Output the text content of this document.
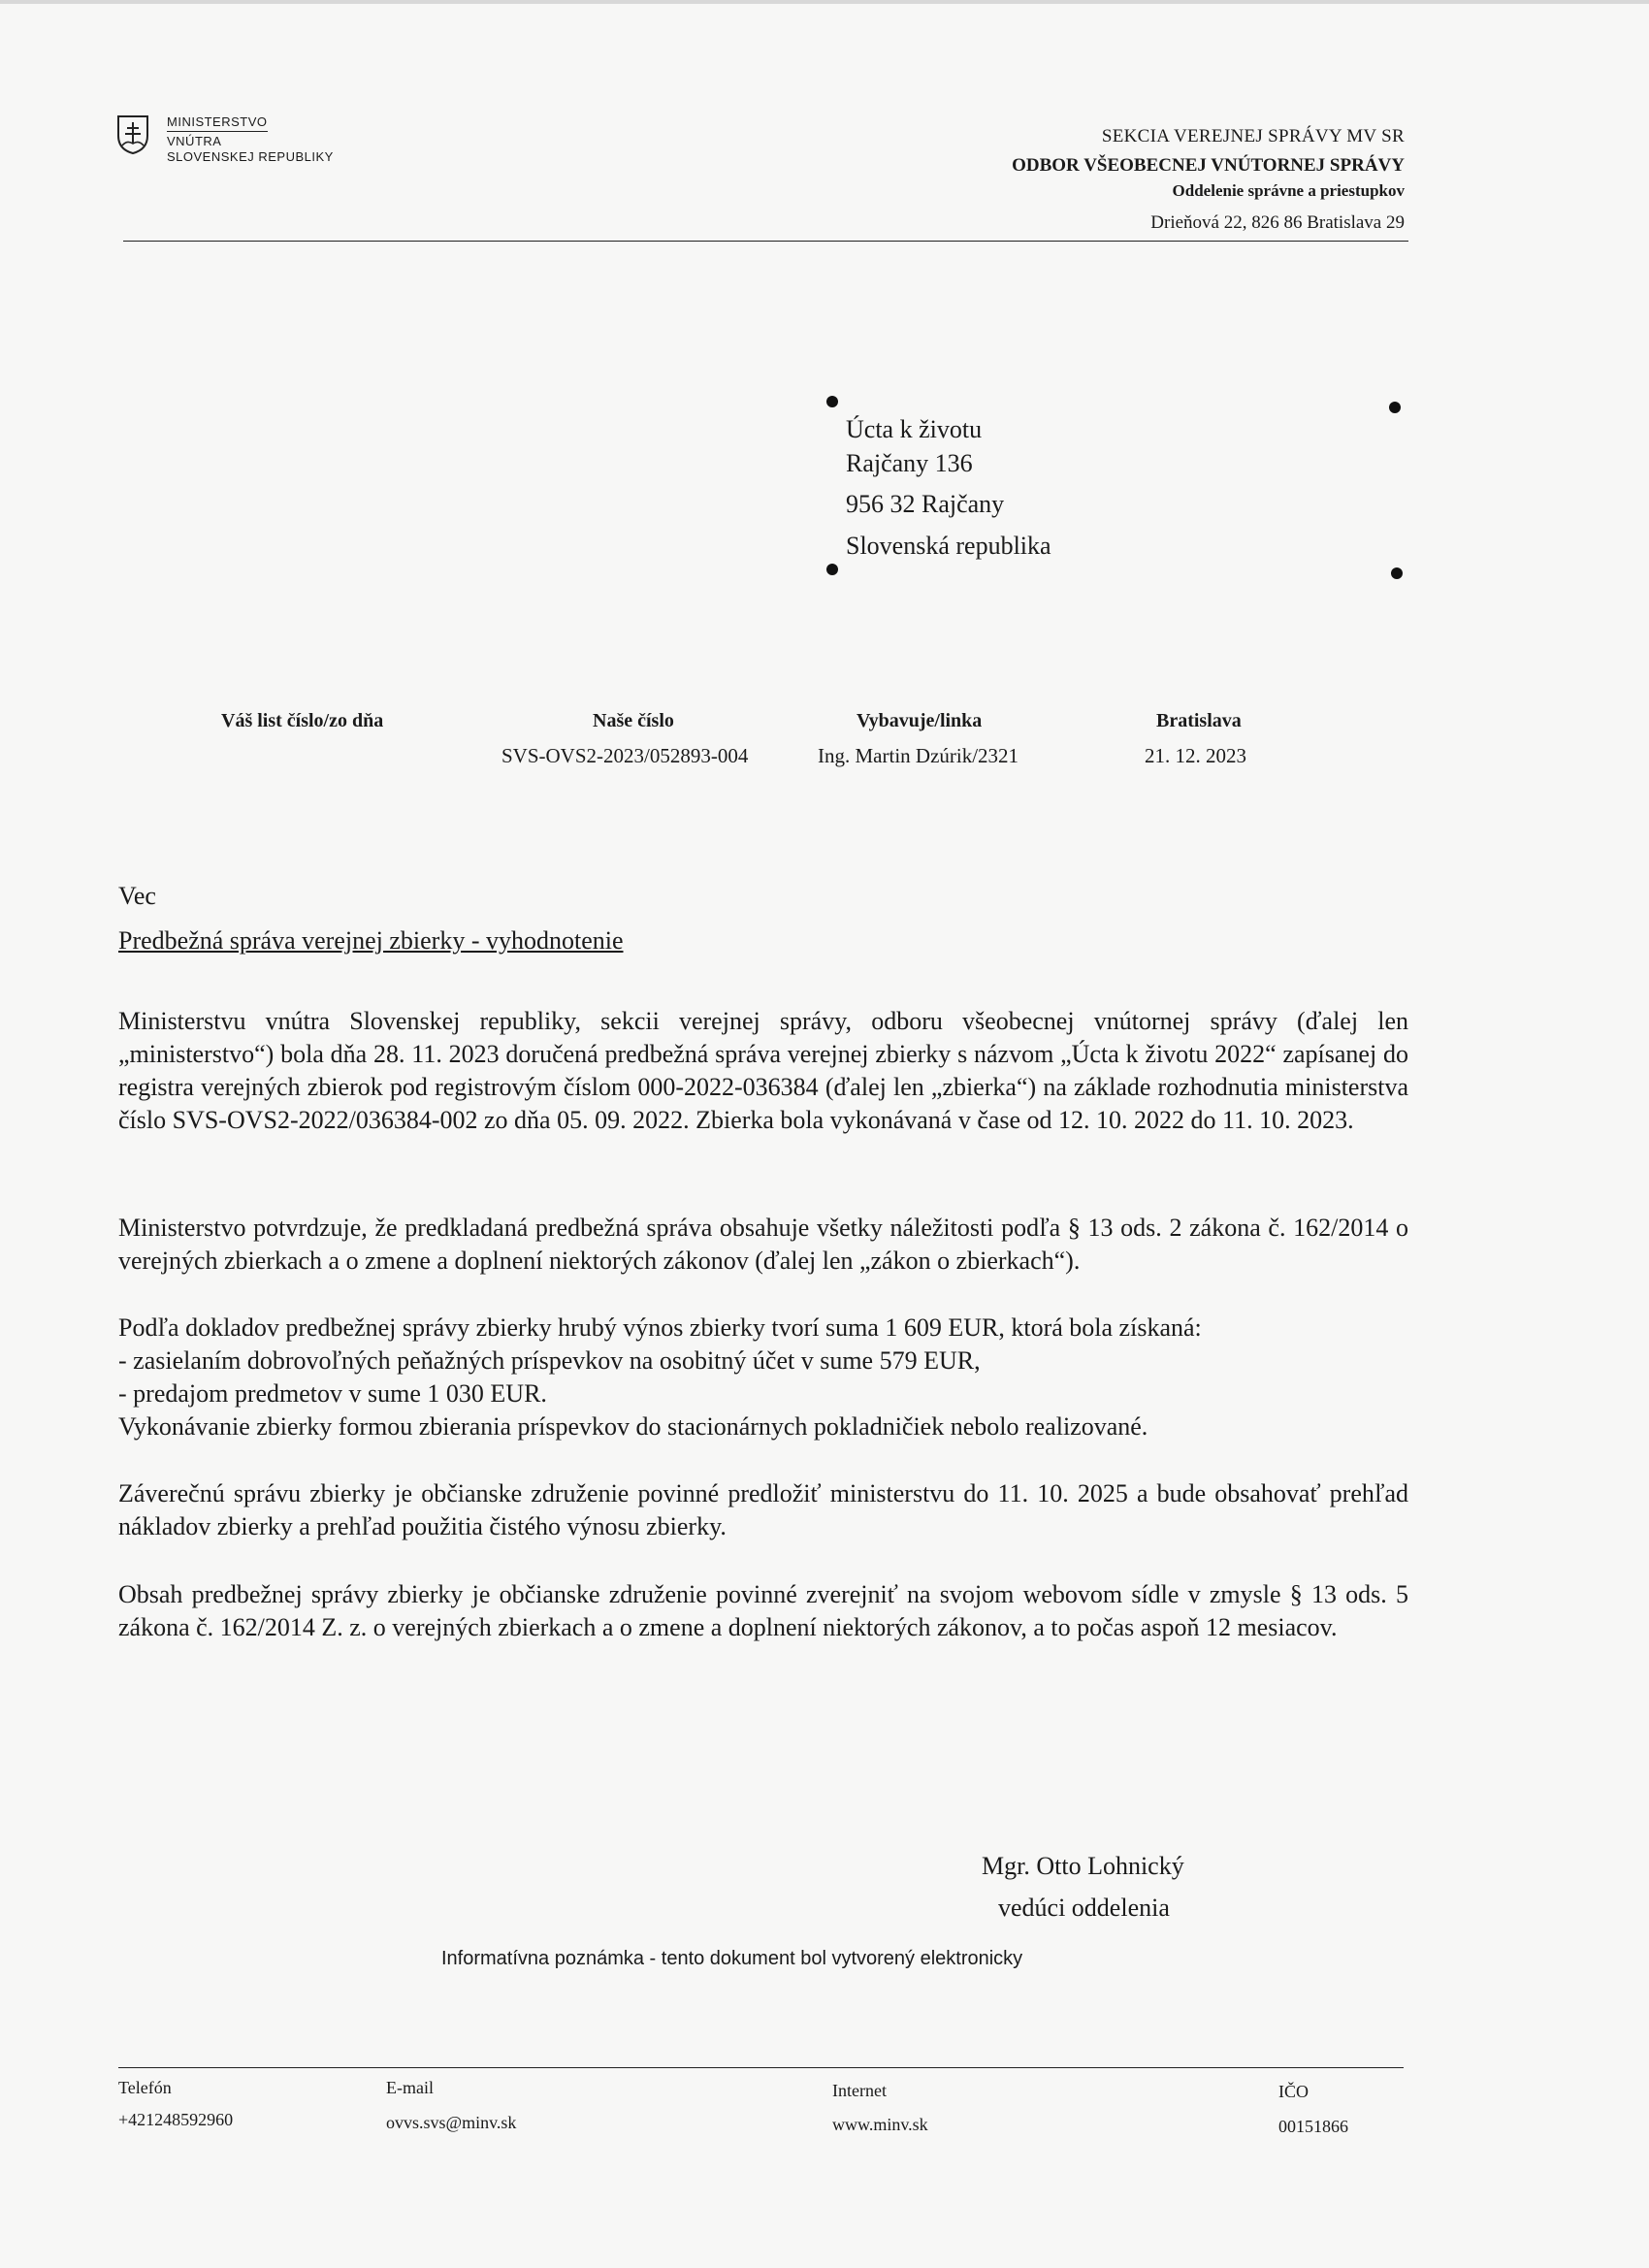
MINISTERSTVO
VNÚTRA
SLOVENSKEJ REPUBLIKY
SEKCIA VEREJNEJ SPRÁVY MV SR
ODBOR VŠEOBECNEJ VNÚTORNEJ SPRÁVY
Oddelenie správne a priestupkov
Drieňová 22, 826 86 Bratislava 29
Úcta k životu
Rajčany 136
956 32 Rajčany
Slovenská republika
Váš list číslo/zo dňa	Naše číslo
SVS-OVS2-2023/052893-004
Vybavuje/linka
Ing. Martin Dzúrik/2321
Bratislava
21. 12. 2023
Vec
Predbežná správa verejnej zbierky - vyhodnotenie

Ministerstvu vnútra Slovenskej republiky, sekcii verejnej správy, odboru všeobecnej vnútornej správy (ďalej len „ministerstvo“) bola dňa 28. 11. 2023 doručená predbežná správa verejnej zbierky s názvom „Úcta k životu 2022“ zapísanej do registra verejných zbierok pod registrovým číslom 000-2022-036384 (ďalej len „zbierka“) na základe rozhodnutia ministerstva číslo SVS-OVS2-2022/036384-002 zo dňa 05. 09. 2022. Zbierka bola vykonávaná v čase od 12. 10. 2022 do 11. 10. 2023.

Ministerstvo potvrdzuje, že predkladaná predbežná správa obsahuje všetky náležitosti podľa § 13 ods. 2 zákona č. 162/2014 o verejných zbierkach a o zmene a doplnení niektorých zákonov (ďalej len „zákon o zbierkach“).

Podľa dokladov predbežnej správy zbierky hrubý výnos zbierky tvorí suma 1 609 EUR, ktorá bola získaná:

- zasielaním dobrovoľných peňažných príspevkov na osobitný účet v sume 579 EUR,

- predajom predmetov v sume 1 030 EUR.

Vykonávanie zbierky formou zbierania príspevkov do stacionárnych pokladničiek nebolo realizované.

Záverečnú správu zbierky je občianske združenie povinné predložiť ministerstvu do 11. 10. 2025 a bude obsahovať prehľad nákladov zbierky a prehľad použitia čistého výnosu zbierky.

Obsah predbežnej správy zbierky je občianske združenie povinné zverejniť na svojom webovom sídle v zmysle § 13 ods. 5 zákona č. 162/2014 Z. z. o verejných zbierkach a o zmene a doplnení niektorých zákonov, a to počas aspoň 12 mesiacov.

Mgr. Otto Lohnický
vedúci oddelenia
Informatívna poznámka - tento dokument bol vytvorený elektronicky
Telefón
+421248592960
E-mail
ovvs.svs@minv.sk
Internet
www.minv.sk
IČO
00151866
